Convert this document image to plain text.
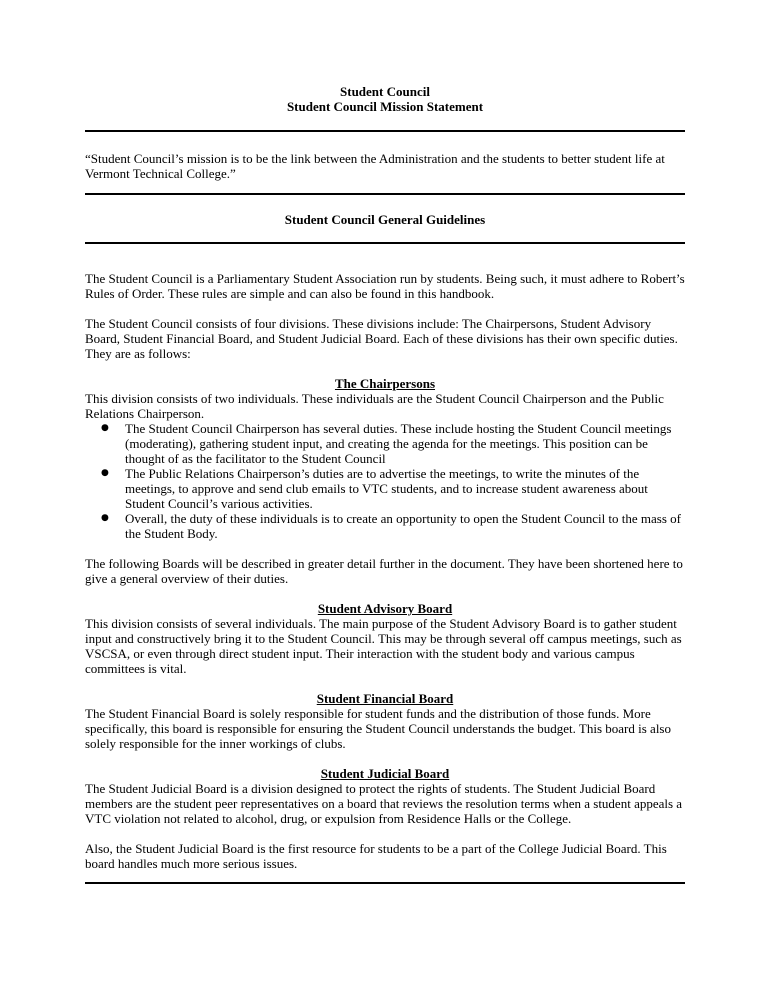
Student Council
Student Council Mission Statement

“Student Council’s mission is to be the link between the Administration and the students to better student life at Vermont Technical College.”

Student Council General Guidelines

The Student Council is a Parliamentary Student Association run by students. Being such, it must adhere to Robert’s Rules of Order. These rules are simple and can also be found in this handbook.

The Student Council consists of four divisions. These divisions include: The Chairpersons, Student Advisory Board, Student Financial Board, and Student Judicial Board. Each of these divisions has their own specific duties. They are as follows:

The Chairpersons

This division consists of two individuals. These individuals are the Student Council Chairperson and the Public Relations Chairperson.

● The Student Council Chairperson has several duties. These include hosting the Student Council meetings (moderating), gathering student input, and creating the agenda for the meetings. This position can be thought of as the facilitator to the Student Council
● The Public Relations Chairperson’s duties are to advertise the meetings, to write the minutes of the meetings, to approve and send club emails to VTC students, and to increase student awareness about Student Council’s various activities.
● Overall, the duty of these individuals is to create an opportunity to open the Student Council to the mass of the Student Body.

The following Boards will be described in greater detail further in the document. They have been shortened here to give a general overview of their duties.

Student Advisory Board

This division consists of several individuals. The main purpose of the Student Advisory Board is to gather student input and constructively bring it to the Student Council. This may be through several off campus meetings, such as VSCSA, or even through direct student input. Their interaction with the student body and various campus committees is vital.

Student Financial Board

The Student Financial Board is solely responsible for student funds and the distribution of those funds. More specifically, this board is responsible for ensuring the Student Council understands the budget. This board is also solely responsible for the inner workings of clubs.

Student Judicial Board

The Student Judicial Board is a division designed to protect the rights of students. The Student Judicial Board members are the student peer representatives on a board that reviews the resolution terms when a student appeals a VTC violation not related to alcohol, drug, or expulsion from Residence Halls or the College.

Also, the Student Judicial Board is the first resource for students to be a part of the College Judicial Board. This board handles much more serious issues.
